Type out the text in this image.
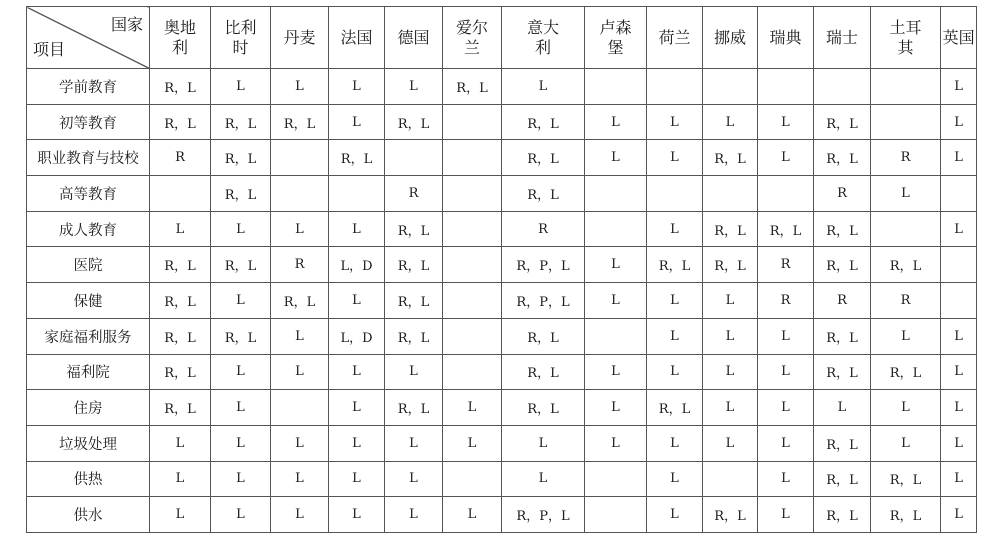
国家
项目	奥地利	比利时	丹麦	法国	德国	爱尔兰	意大利	卢森堡	荷兰	挪威	瑞典	瑞士	土耳其	英国
学前教育	R，L	L	L	L	L	R，L	L							L
初等教育	R，L	R，L	R，L	L	R，L		R，L	L	L	L	L	R，L		L
职业教育与技校	R	R，L		R，L			R，L	L	L	R，L	L	R，L	R	L
高等教育		R，L			R		R，L					R	L	
成人教育	L	L	L	L	R，L		R		L	R，L	R，L	R，L		L
医院	R，L	R，L	R	L，D	R，L		R，P，L	L	R，L	R，L	R	R，L	R，L	
保健	R，L	L	R，L	L	R，L		R，P，L	L	L	L	R	R	R	
家庭福利服务	R，L	R，L	L	L，D	R，L		R，L		L	L	L	R，L	L	L
福利院	R，L	L	L	L	L		R，L	L	L	L	L	R，L	R，L	L
住房	R，L	L		L	R，L	L	R，L	L	R，L	L	L	L	L	L
垃圾处理	L	L	L	L	L	L	L	L	L	L	L	R，L	L	L
供热	L	L	L	L	L		L		L		L	R，L	R，L	L
供水	L	L	L	L	L	L	R，P，L		L	R，L	L	R，L	R，L	L
